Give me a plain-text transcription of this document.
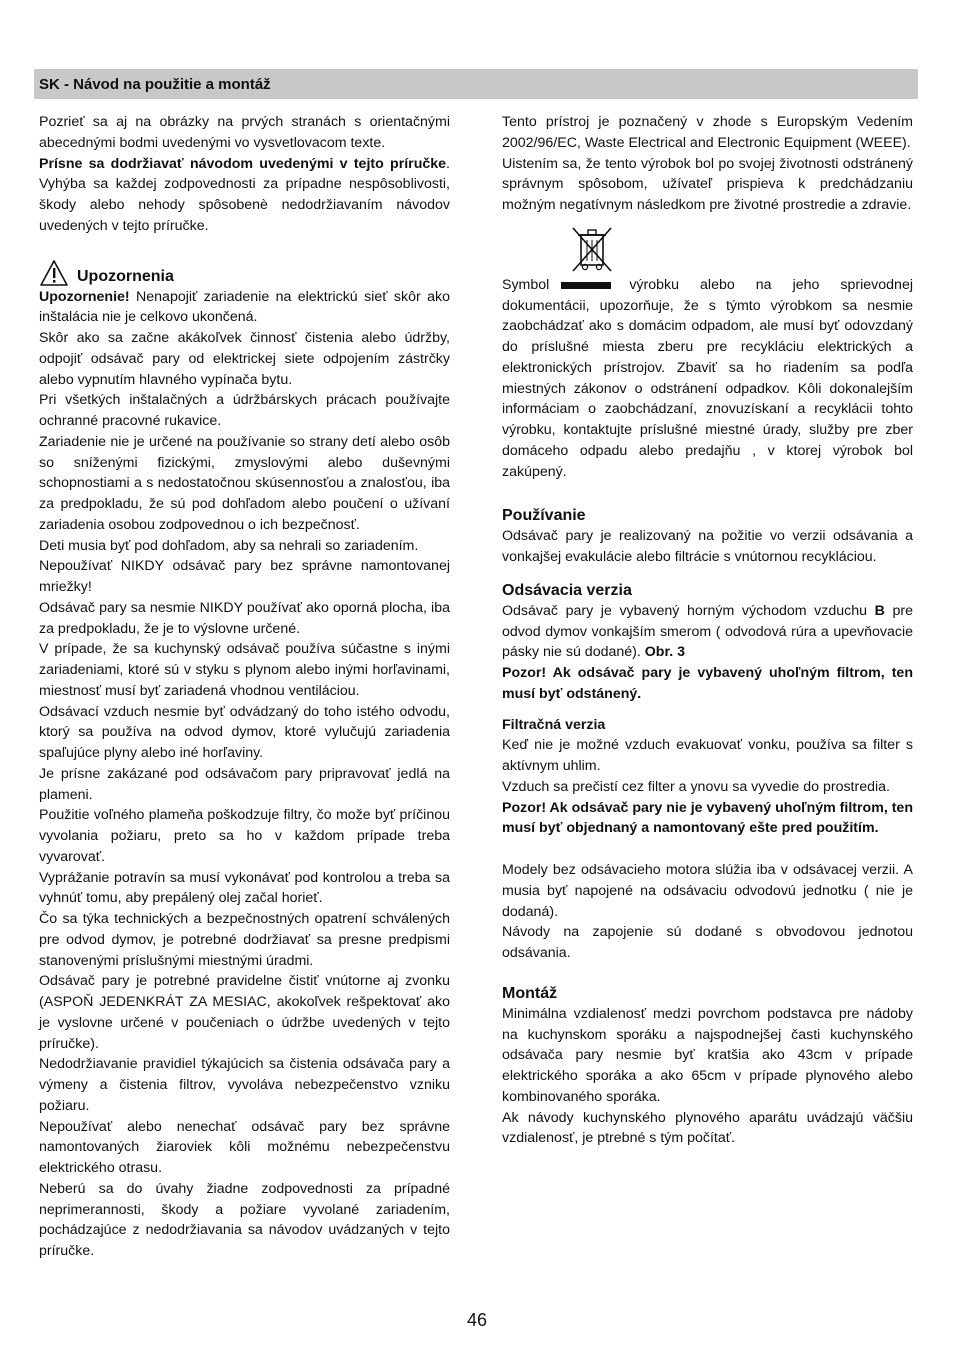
SK - Návod na použitie a montáž

Pozrieť sa aj na obrázky na prvých stranách s orientačnými abecednými bodmi uvedenými vo vysvetlovacom texte.

Prísne sa dodržiavať návodom uvedenými v tejto príručke. Vyhýba sa každej zodpovednosti za prípadne nespôsoblivosti, škody alebo nehody spôsobenè nedodržiavaním návodov uvedených v tejto príručke.

Upozornenia

Upozornenie! Nenapojiť zariadenie na elektrickú sieť skôr ako inštalácia nie je celkovo ukončená.

Skôr ako sa začne akákoľvek činnosť čistenia alebo údržby, odpojiť odsávač pary od elektrickej siete odpojením zástrčky alebo vypnutím hlavného vypínača bytu.

Pri všetkých inštalačných a údržbárskych prácach používajte ochranné pracovné rukavice.

Zariadenie nie je určené na používanie so strany detí alebo osôb so sníženými fizickými, zmyslovými alebo duševnými schopnostiami a s nedostatočnou skúsennosťou a znalosťou, iba za predpokladu, že sú pod dohľadom alebo poučení o užívaní zariadenia osobou zodpovednou o ich bezpečnosť.

Deti musia byť pod dohľadom, aby sa nehrali so zariadením.

Nepoužívať NIKDY odsávač pary bez správne namontovanej mriežky!

Odsávač pary sa nesmie NIKDY používať ako oporná plocha, iba za predpokladu, že je to výslovne určené.

V prípade, že sa kuchynský odsávač používa súčastne s inými zariadeniami, ktoré sú v styku s plynom alebo inými horľavinami, miestnosť musí byť zariadená vhodnou ventiláciou.

Odsávací vzduch nesmie byť odvádzaný do toho istého odvodu, ktorý sa používa na odvod dymov, ktoré vylučujú zariadenia spaľujúce plyny alebo iné horľaviny.

Je prísne zakázané pod odsávačom pary pripravovať jedlá na plameni.

Použitie voľného plameňa poškodzuje filtry, čo može byť príčinou vyvolania požiaru, preto sa ho v každom prípade treba vyvarovať.

Vyprážanie potravín sa musí vykonávať pod kontrolou a treba sa vyhnúť tomu, aby prepálený olej začal horieť.

Čo sa týka technických a bezpečnostných opatrení schválených pre odvod dymov, je potrebné dodržiavať sa presne predpismi stanovenými príslušnými miestnými úradmi.

Odsávač pary je potrebné pravidelne čistiť vnútorne aj zvonku (ASPOŇ JEDENKRÁT ZA MESIAC, akokoľvek rešpektovať ako je vyslovne určené v poučeniach o údržbe uvedených v tejto príručke).

Nedodržiavanie pravidiel týkajúcich sa čistenia odsávača pary a výmeny a čistenia filtrov, vyvoláva nebezpečenstvo vzniku požiaru.

Nepoužívať alebo nenechať odsávač pary bez správne namontovaných žiaroviek kôli možnému nebezpečenstvu elektrického otrasu.

Neberú sa do úvahy žiadne zodpovednosti za prípadné neprimerannosti, škody a požiare vyvolané zariadením, pochádzajúce z nedodržiavania sa návodov uvádzaných v tejto príručke.

Tento prístroj je poznačený v zhode s Europským Vedením 2002/96/EC, Waste Electrical and Electronic Equipment (WEEE).

Uistením sa, že tento výrobok bol po svojej životnosti odstránený správnym spôsobom, užívateľ prispieva k predchádzaniu možným negatívnym následkom pre životné prostredie a zdravie.

Symbol	výrobku alebo na jeho sprievodnej dokumentácii, upozorňuje, že s týmto výrobkom sa nesmie zaobchádzať ako s domácim odpadom, ale musí byť odovzdaný do príslušné miesta zberu pre recykláciu elektrických a elektronických prístrojov. Zbaviť sa ho riadením sa podľa miestných zákonov o odstránení odpadkov. Kôli dokonalejším informáciam o zaobchádzaní, znovuzískaní a recyklácii tohto výrobku, kontaktujte príslušné miestné úrady, služby pre zber domáceho odpadu alebo predajňu , v ktorej výrobok bol zakúpený.

Používanie

Odsávač pary je realizovaný na požitie vo verzii odsávania a vonkajšej evakulácie alebo filtrácie s vnútornou recykláciou.

Odsávacia verzia

Odsávač pary je vybavený horným východom vzduchu B pre odvod dymov vonkajším smerom ( odvodová rúra a upevňovacie pásky nie sú dodané). Obr. 3

Pozor! Ak odsávač pary je vybavený uhoľným filtrom, ten musí byť odstánený.

Filtračná verzia

Keď nie je možné vzduch evakuovať vonku, používa sa filter s aktívnym uhlim.

Vzduch sa prečistí cez filter a ynovu sa vyvedie do prostredia.

Pozor! Ak odsávač pary nie je vybavený uhoľným filtrom, ten musí byť objednaný a namontovaný ešte pred použitím.

Modely bez odsávacieho motora slúžia iba v odsávacej verzii. A musia byť napojené na odsávaciu odvodovú jednotku ( nie je dodaná).

Návody na zapojenie sú dodané s obvodovou jednotou odsávania.

Montáž

Minimálna vzdialenosť medzi povrchom podstavca pre nádoby na kuchynskom sporáku a najspodnejšej časti kuchynského odsávača pary nesmie byť kratšia ako 43cm v prípade elektrického sporáka a ako 65cm v prípade plynového alebo kombinovaného sporáka.

Ak návody kuchynského plynového aparátu uvádzajú väčšiu vzdialenosť, je ptrebné s tým počítať.

46
